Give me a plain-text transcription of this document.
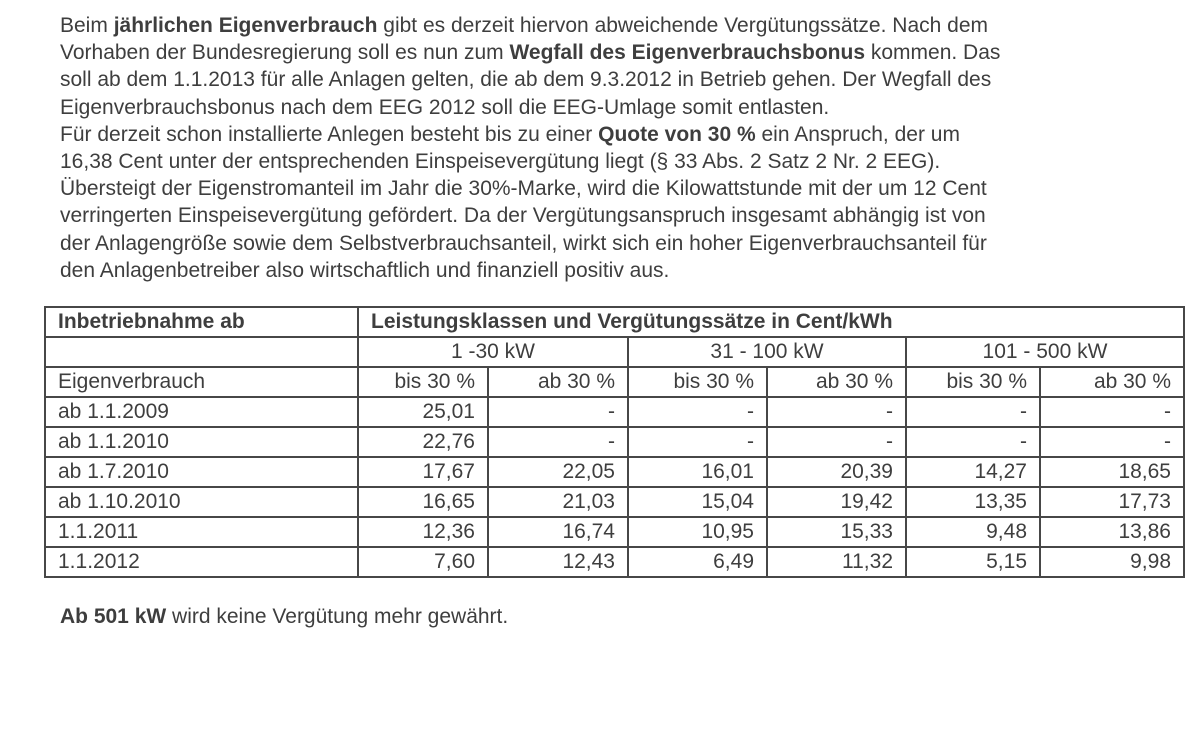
Beim jährlichen Eigenverbrauch gibt es derzeit hiervon abweichende Vergütungssätze. Nach dem
Vorhaben der Bundesregierung soll es nun zum Wegfall des Eigenverbrauchsbonus kommen. Das
soll ab dem 1.1.2013 für alle Anlagen gelten, die ab dem 9.3.2012 in Betrieb gehen. Der Wegfall des
Eigenverbrauchsbonus nach dem EEG 2012 soll die EEG-Umlage somit entlasten.
Für derzeit schon installierte Anlegen besteht bis zu einer Quote von 30 % ein Anspruch, der um
16,38 Cent unter der entsprechenden Einspeisevergütung liegt (§ 33 Abs. 2 Satz 2 Nr. 2 EEG).
Übersteigt der Eigenstromanteil im Jahr die 30%-Marke, wird die Kilowattstunde mit der um 12 Cent
verringerten Einspeisevergütung gefördert. Da der Vergütungsanspruch insgesamt abhängig ist von
der Anlagengröße sowie dem Selbstverbrauchsanteil, wirkt sich ein hoher Eigenverbrauchsanteil für
den Anlagenbetreiber also wirtschaftlich und finanziell positiv aus.
Inbetriebnahme ab	Leistungsklassen und Vergütungssätze in Cent/kWh					
	1 -30 kW		31 - 100 kW		101 - 500 kW	
Eigenverbrauch	bis 30 %	ab 30 %	bis 30 %	ab 30 %	bis 30 %	ab 30 %
ab 1.1.2009	25,01	-	-	-	-	-
ab 1.1.2010	22,76	-	-	-	-	-
ab 1.7.2010	17,67	22,05	16,01	20,39	14,27	18,65
ab 1.10.2010	16,65	21,03	15,04	19,42	13,35	17,73
1.1.2011	12,36	16,74	10,95	15,33	9,48	13,86
1.1.2012	7,60	12,43	6,49	11,32	5,15	9,98
Ab 501 kW wird keine Vergütung mehr gewährt.
